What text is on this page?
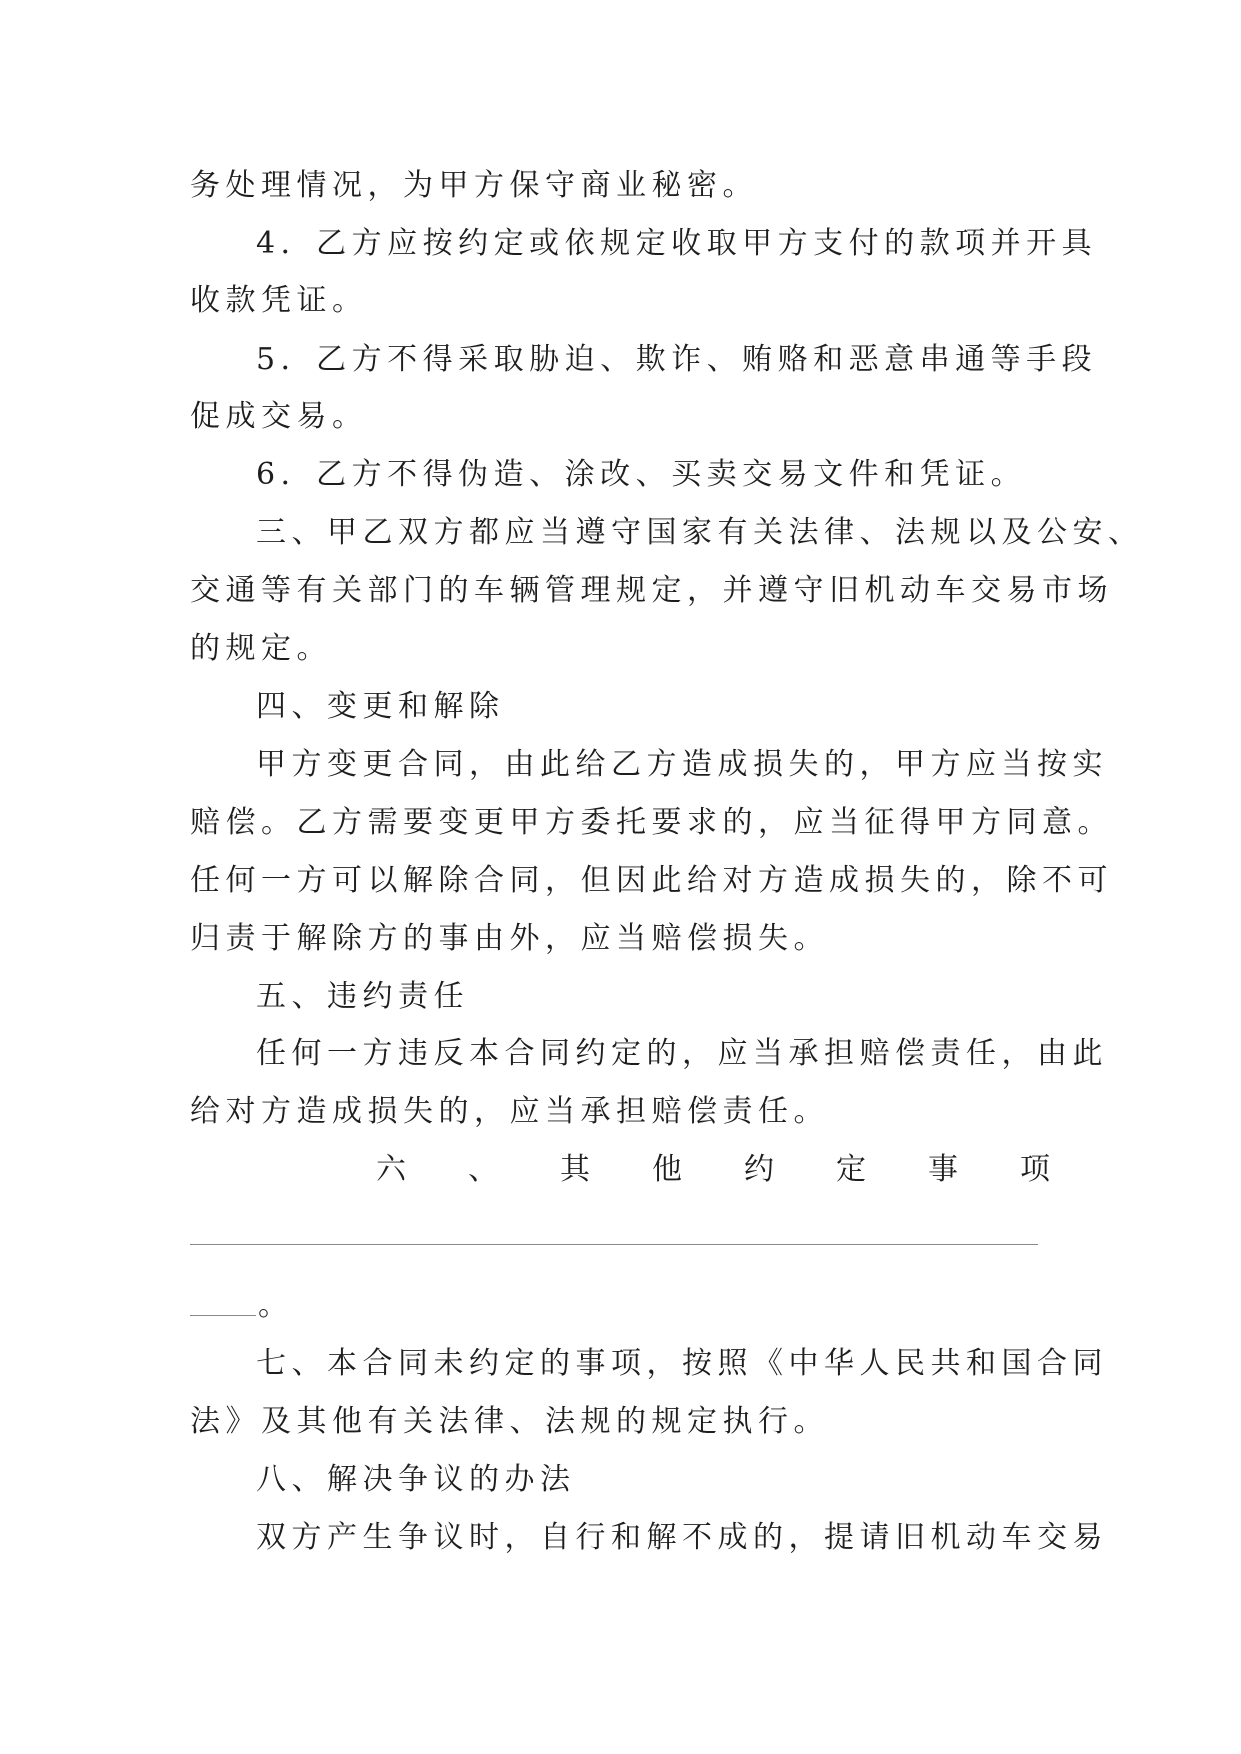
务处理情况，为甲方保守商业秘密。
4．乙方应按约定或依规定收取甲方支付的款项并开具
收款凭证。
5．乙方不得采取胁迫、欺诈、贿赂和恶意串通等手段
促成交易。
6．乙方不得伪造、涂改、买卖交易文件和凭证。
三、甲乙双方都应当遵守国家有关法律、法规以及公安、
交通等有关部门的车辆管理规定，并遵守旧机动车交易市场
的规定。
四、变更和解除
甲方变更合同，由此给乙方造成损失的，甲方应当按实
赔偿。乙方需要变更甲方委托要求的，应当征得甲方同意。
任何一方可以解除合同，但因此给对方造成损失的，除不可
归责于解除方的事由外，应当赔偿损失。
五、违约责任
任何一方违反本合同约定的，应当承担赔偿责任，由此
给对方造成损失的，应当承担赔偿责任。
六 、 其 他 约 定 事 项
。
七、本合同未约定的事项，按照《中华人民共和国合同
法》及其他有关法律、法规的规定执行。
八、解决争议的办法
双方产生争议时，自行和解不成的，提请旧机动车交易
